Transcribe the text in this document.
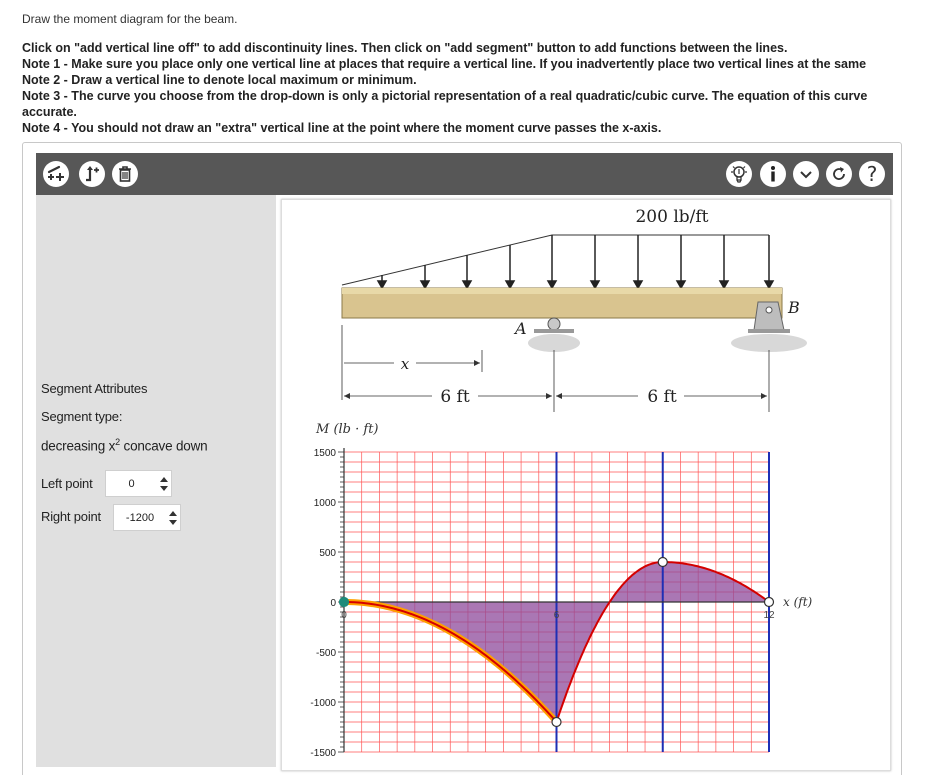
Draw the moment diagram for the beam.
Click on "add vertical line off" to add discontinuity lines. Then click on "add segment" button to add functions between the lines.
Note 1 - Make sure you place only one vertical line at places that require a vertical line. If you inadvertently place two vertical lines at the same
Note 2 - Draw a vertical line to denote local maximum or minimum.
Note 3 - The curve you choose from the drop-down is only a pictorial representation of a real quadratic/cubic curve. The equation of this curve
accurate.
Note 4 - You should not draw an "extra" vertical line at the point where the moment curve passes the x-axis.
?
Segment Attributes
Segment type:
decreasing $x^2$ concave down
Left point	0
Right point	-1200
200 lb/ft
A
B
x
6 ft	6 ft
M (lb · ft)
1500
1000
500
0
-500
-1000
-1500
0	6	12
x (ft)
